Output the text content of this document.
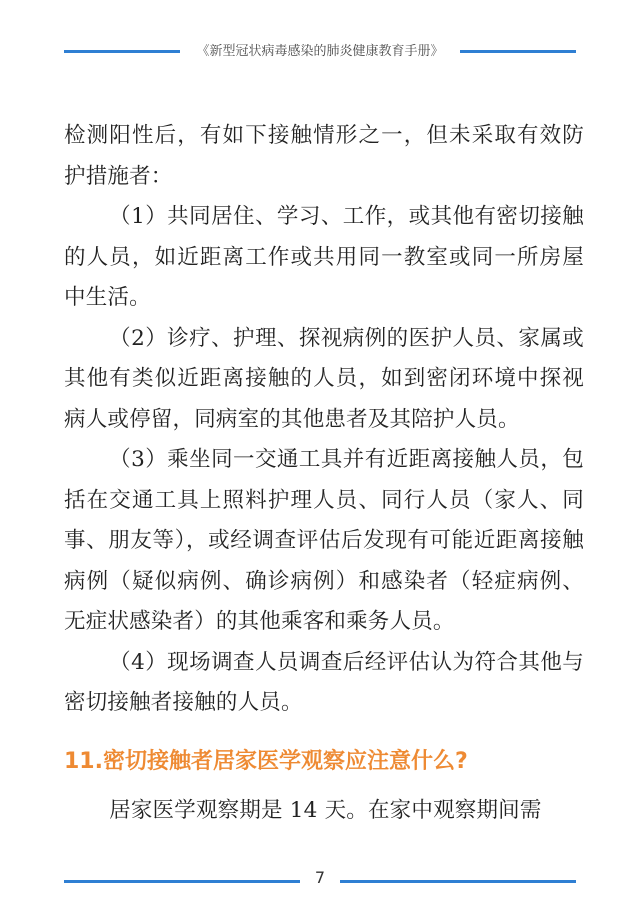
《新型冠状病毒感染的肺炎健康教育手册》

检测阳性后，有如下接触情形之一，但未采取有效防护措施者：

（1）共同居住、学习、工作，或其他有密切接触的人员，如近距离工作或共用同一教室或同一所房屋中生活。

（2）诊疗、护理、探视病例的医护人员、家属或其他有类似近距离接触的人员，如到密闭环境中探视病人或停留，同病室的其他患者及其陪护人员。

（3）乘坐同一交通工具并有近距离接触人员，包括在交通工具上照料护理人员、同行人员（家人、同事、朋友等），或经调查评估后发现有可能近距离接触病例（疑似病例、确诊病例）和感染者（轻症病例、无症状感染者）的其他乘客和乘务人员。

（4）现场调查人员调查后经评估认为符合其他与密切接触者接触的人员。

11.密切接触者居家医学观察应注意什么?

居家医学观察期是 14 天。在家中观察期间需

7
